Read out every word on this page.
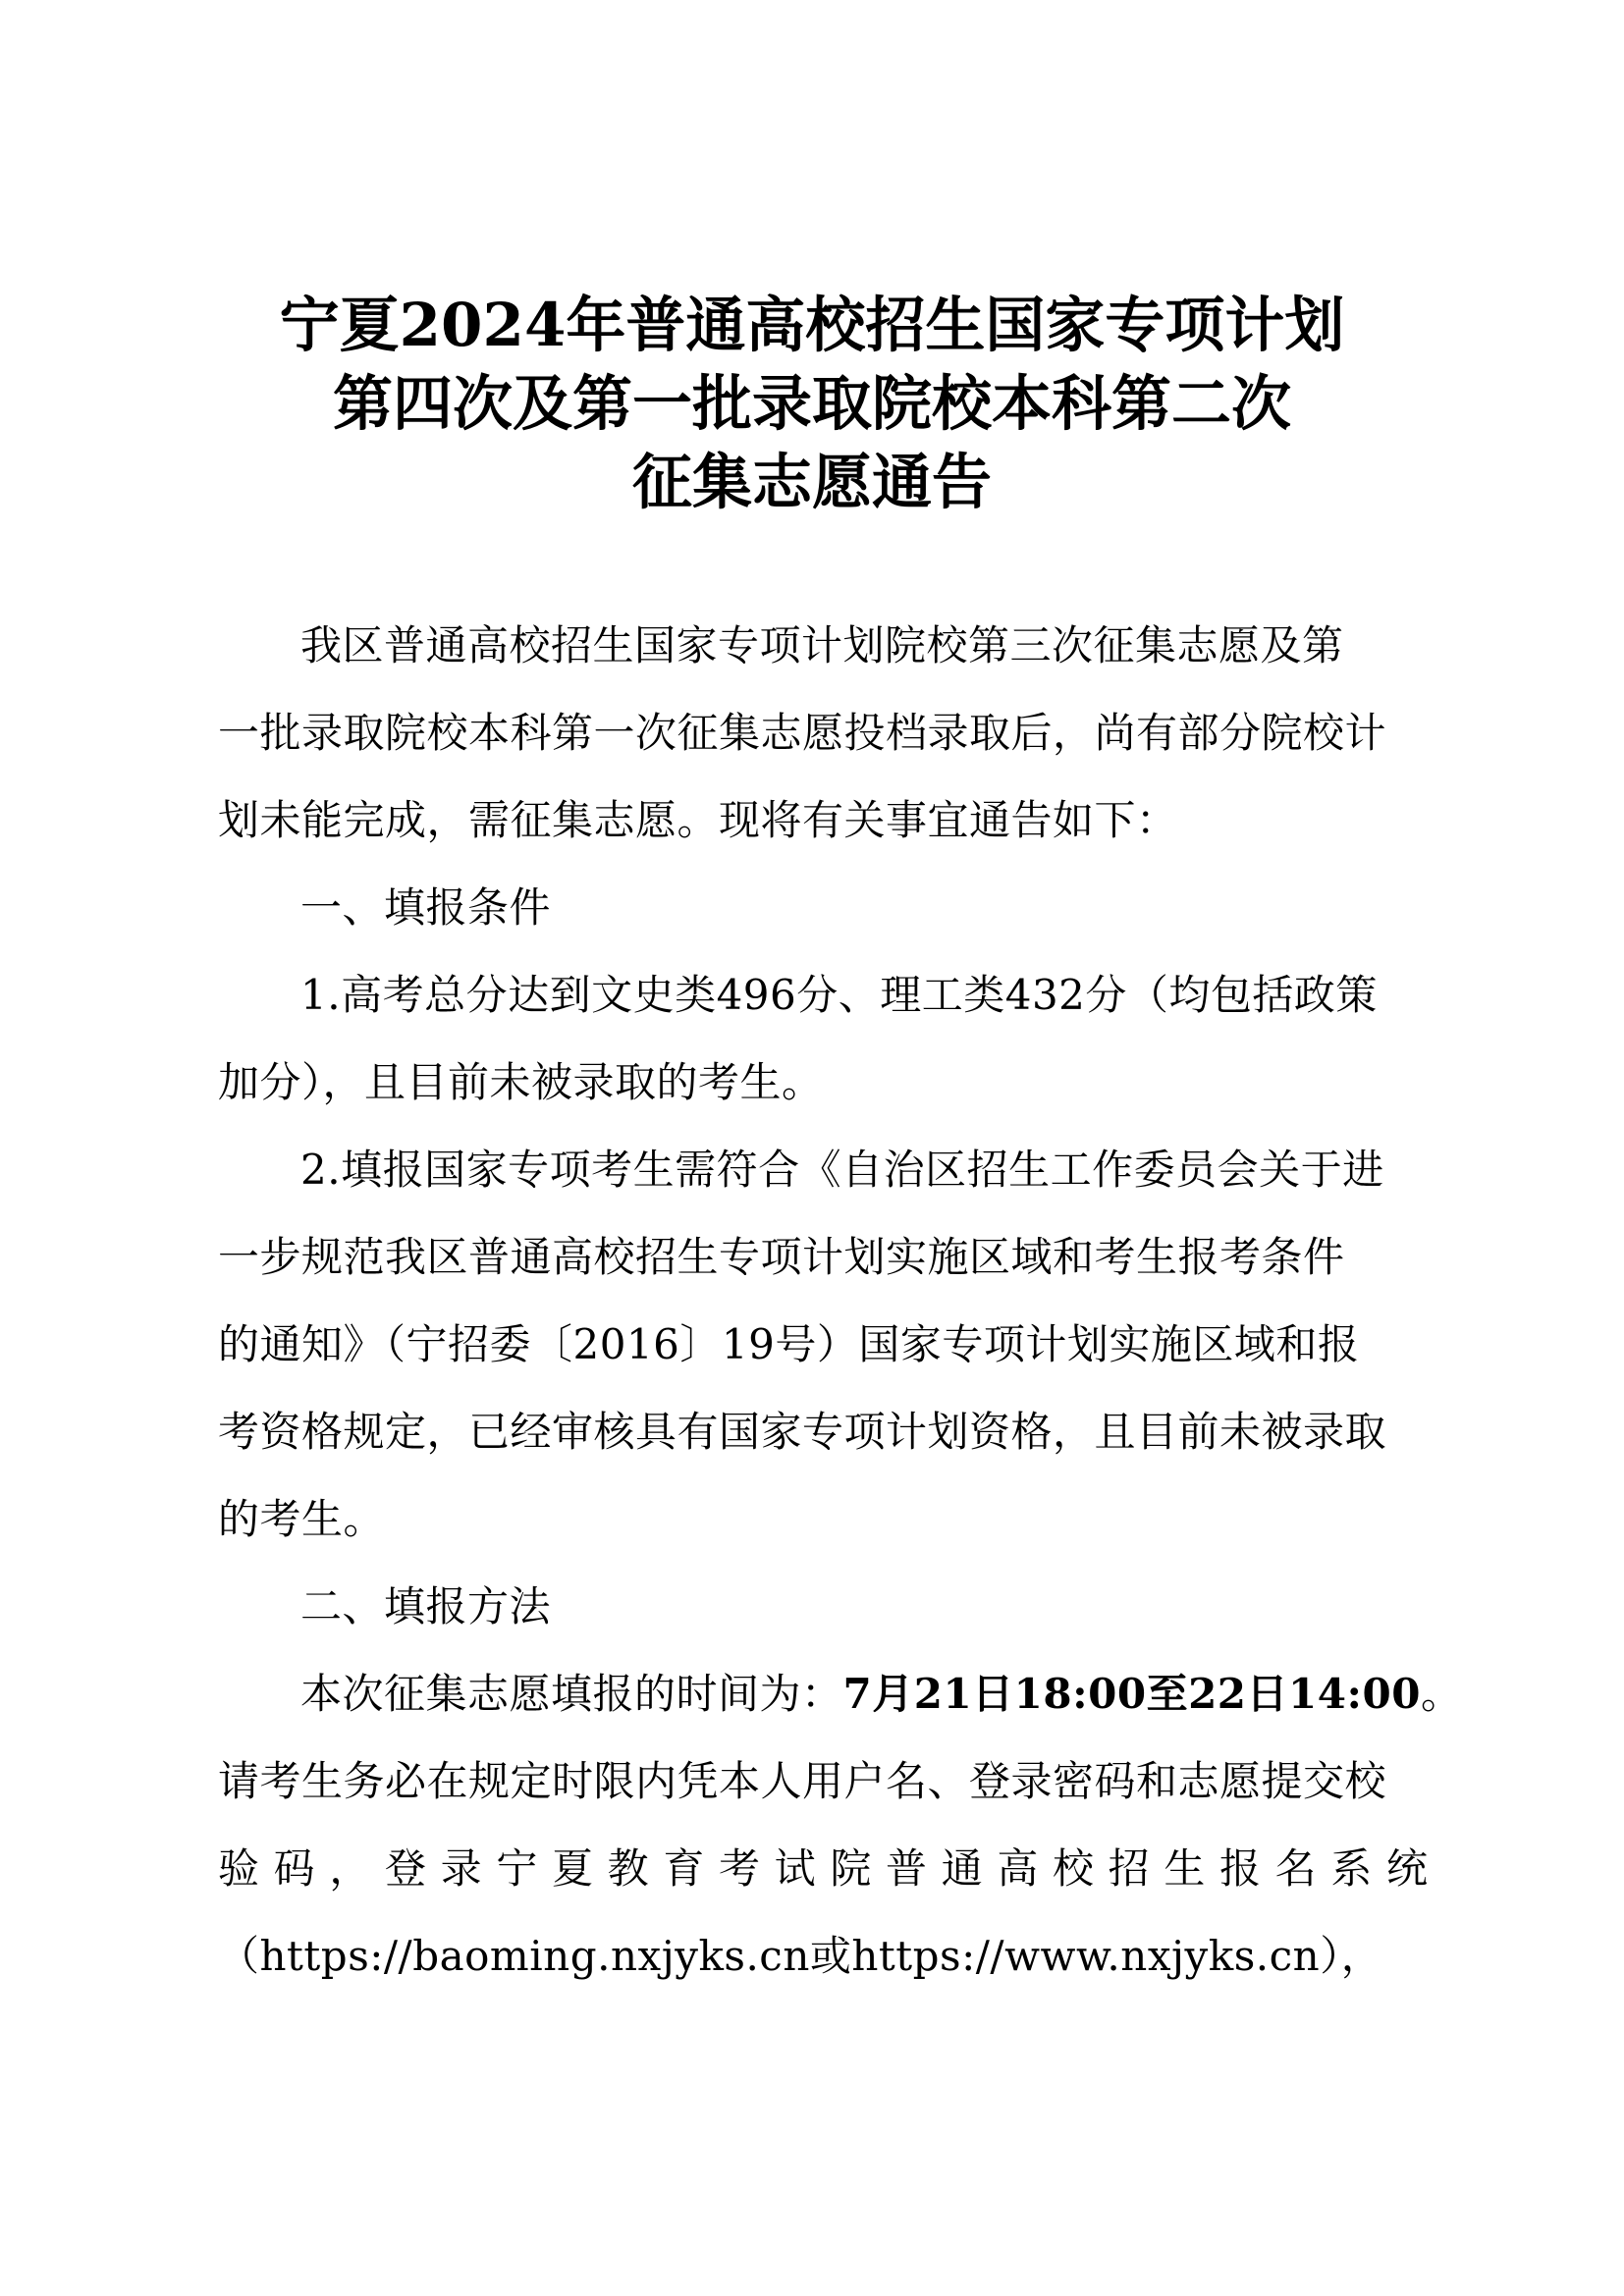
宁夏2024年普通高校招生国家专项计划
第四次及第一批录取院校本科第二次
征集志愿通告
我区普通高校招生国家专项计划院校第三次征集志愿及第
一批录取院校本科第一次征集志愿投档录取后，尚有部分院校计
划未能完成，需征集志愿。现将有关事宜通告如下：
一、填报条件
1.高考总分达到文史类496分、理工类432分（均包括政策
加分），且目前未被录取的考生。
2.填报国家专项考生需符合《自治区招生工作委员会关于进
一步规范我区普通高校招生专项计划实施区域和考生报考条件
的通知》（宁招委〔2016〕19号）国家专项计划实施区域和报
考资格规定，已经审核具有国家专项计划资格，且目前未被录取
的考生。
二、填报方法
本次征集志愿填报的时间为：7月21日18:00至22日14:00。
请考生务必在规定时限内凭本人用户名、登录密码和志愿提交校
验码，登录宁夏教育考试院普通高校招生报名系统
（https://baoming.nxjyks.cn或https://www.nxjyks.cn），
